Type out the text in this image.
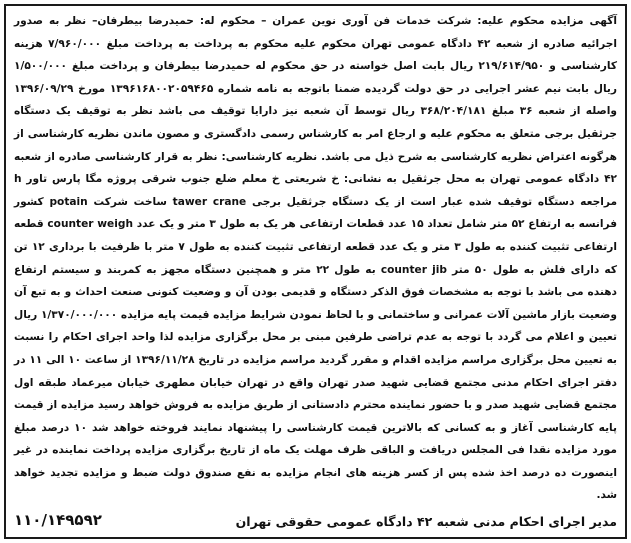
آگهی مزایده محکوم علیه: شرکت خدمات فن آوری نوین عمران – محکوم له: حمیدرضا بیطرفان– نظر به صدور اجرائیه صادره از شعبه ۴۲ دادگاه عمومی تهران محکوم علیه محکوم به پرداخت به پرداخت مبلغ ۷/۹۶۰/۰۰۰ هزینه کارشناسی و ۲۱۹/۶۱۴/۹۵۰ ریال بابت اصل خواسته در حق محکوم له حمیدرضا بیطرفان و پرداخت مبلغ ۱/۵۰۰/۰۰۰ ریال بابت نیم عشر اجرایی در حق دولت گردیده ضمنا باتوجه به نامه شماره ۱۳۹۶۱۶۸۰۰۲۰۵۹۴۶۵ مورخ ۱۳۹۶/۰۹/۲۹ واصله از شعبه ۳۶ مبلغ ۳۶۸/۲۰۴/۱۸۱ ریال توسط آن شعبه نیز دارایا توقیف می باشد نظر به توقیف یک دستگاه جرثقیل برجی متعلق به محکوم علیه و ارجاع امر به کارشناس رسمی دادگستری و مصون ماندن نظریه کارشناسی از هرگونه اعتراض نظریه کارشناسی به شرح ذیل می باشد. نظریه کارشناسی: نظر به قرار کارشناسی صادره از شعبه ۴۲ دادگاه عمومی تهران به محل جرثقیل به نشانی: خ شریعتی خ معلم ضلع جنوب شرقی پروژه مگا پارس تاور h مراجعه دستگاه توقیف شده عبار است از یک دستگاه جرثقیل برجی tawer crane ساخت شرکت potain کشور فرانسه به ارتفاع ۵۲ متر شامل تعداد ۱۵ عدد قطعات ارتفاعی هر یک به طول ۳ متر و یک عدد counter weigh قطعه ارتفاعی تثبیت کننده به طول ۳ متر و یک عدد قطعه ارتفاعی تثبیت کننده به طول ۷ متر با ظرفیت با برداری ۱۲ تن که دارای فلش به طول ۵۰ متر counter jib به طول ۲۲ متر و همچنین دستگاه مجهز به کمربند و سیستم ارتفاع دهنده می باشد با توجه به مشخصات فوق الذکر دستگاه و قدیمی بودن آن و وضعیت کنونی صنعت احداث و به تبع آن وضعیت بازار ماشین آلات عمرانی و ساختمانی و با لحاظ نمودن شرایط مزایده قیمت پایه مزایده ۱/۳۷۰/۰۰۰/۰۰۰ ریال تعیین و اعلام می گردد با توجه به عدم تراضی طرفین مبنی بر محل برگزاری مزایده لذا واحد اجرای احکام را نسبت به تعیین محل برگزاری مراسم مزایده اقدام و مقرر گردید مراسم مزایده در تاریخ ۱۳۹۶/۱۱/۲۸ از ساعت ۱۰ الی ۱۱ در دفتر اجرای احکام مدنی مجتمع قضایی شهید صدر تهران واقع در تهران خیابان مطهری خیابان میرعماد طبقه اول مجتمع قضایی شهید صدر و با حضور نماینده محترم دادستانی از طریق مزایده به فروش خواهد رسید مزایده از قیمت پایه کارشناسی آغاز و به کسانی که بالاترین قیمت کارشناسی را پیشنهاد نمایند فروخته خواهد شد ۱۰ درصد مبلغ مورد مزایده نقدا فی المجلس دریافت و الباقی ظرف مهلت یک ماه از تاریخ برگزاری مزایده پرداخت نماینده در غیر اینصورت ده درصد اخذ شده پس از کسر هزینه های انجام مزایده به نفع صندوق دولت ضبط و مزایده تجدید خواهد شد.

مدیر اجرای احکام مدنی شعبه ۴۲ دادگاه عمومی حقوقی تهران
۱۱۰/۱۴۹۵۹۲
